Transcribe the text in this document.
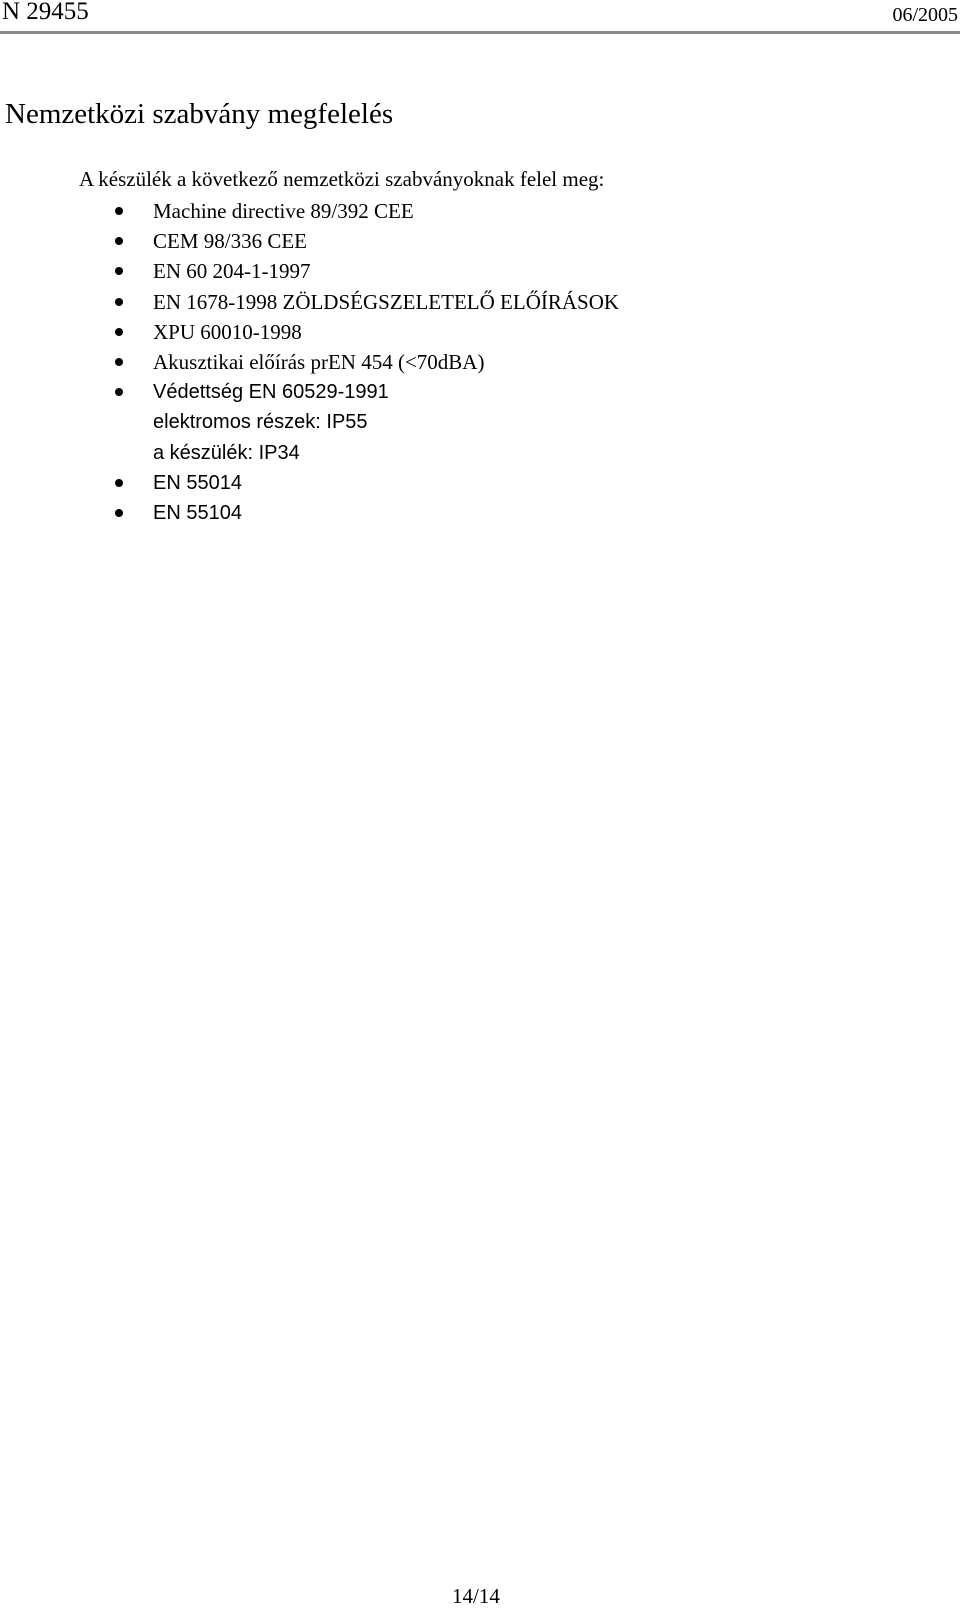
N 29455	06/2005
Nemzetközi szabvány megfelelés

A készülék a következő nemzetközi szabványoknak felel meg:

Machine directive 89/392 CEE
CEM 98/336 CEE
EN 60 204-1-1997
EN 1678-1998 ZÖLDSÉGSZELETELŐ ELŐÍRÁSOK
XPU 60010-1998
Akusztikai előírás prEN 454 (<70dBA)
Védettség EN 60529-1991
elektromos részek: IP55
a készülék: IP34
EN 55014
EN 55104
14/14
